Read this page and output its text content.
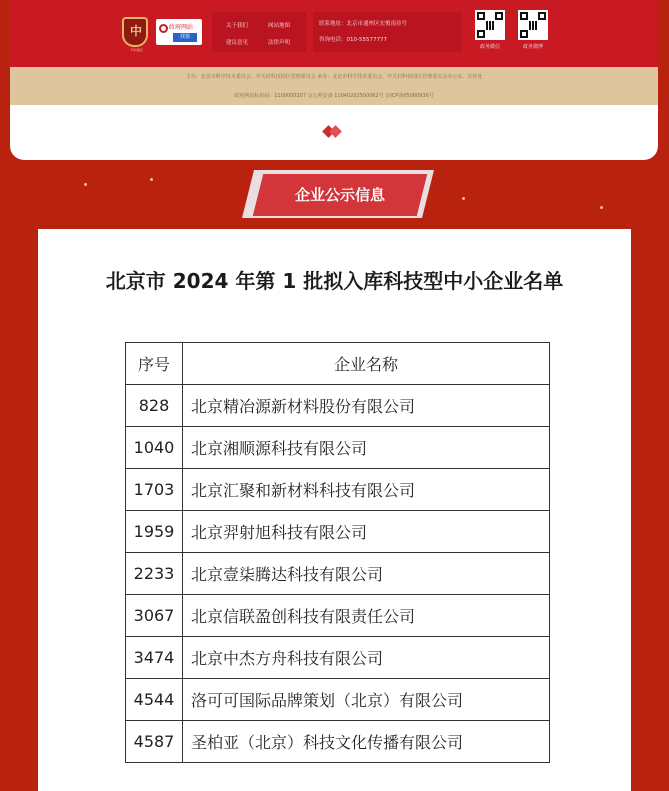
中
科技园区
政府网站
找错
关于我们	网站地图
建议意见	法律声明
联系地址：北京市通州区宏俊南侍号
咨询电话：010-55577777
政务微信	政务微博
主办：北京市科学技术委员会、中关村科技园区管理委员会 承办：北京市科学技术委员会、中关村科技园区管理委员会办公室、宣传处
政府网站标识码：1100000207 京公网安备 11040202500062号 京ICP备05060936号
企业公示信息
北京市 2024 年第 1 批拟入库科技型中小企业名单
序号	企业名称
828	北京精冶源新材料股份有限公司
1040	北京湘顺源科技有限公司
1703	北京汇聚和新材料科技有限公司
1959	北京羿射旭科技有限公司
2233	北京壹柒腾达科技有限公司
3067	北京信联盈创科技有限责任公司
3474	北京中杰方舟科技有限公司
4544	洛可可国际品牌策划（北京）有限公司
4587	圣柏亚（北京）科技文化传播有限公司
